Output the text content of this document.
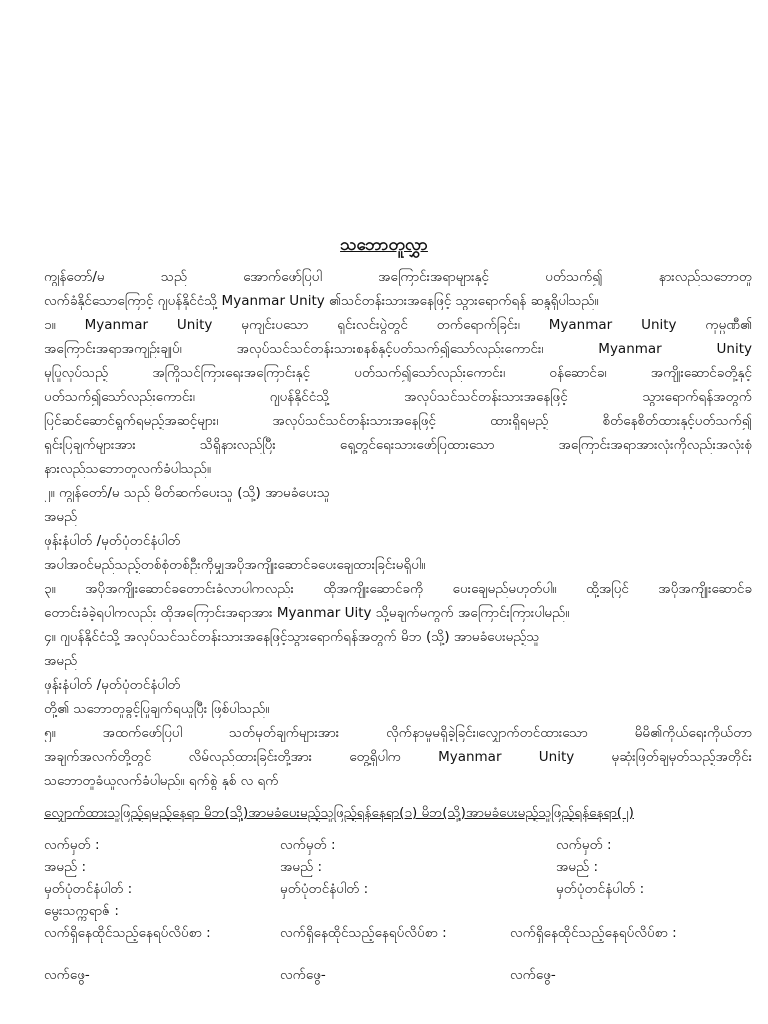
သဘောတူလွှာ
ကျွန်တော်/မ သည် အောက်ဖော်ပြပါ အကြောင်းအရာများနှင့် ပတ်သက်၍ နားလည်သဘောတူ
လက်ခံနိုင်သောကြောင့် ဂျပန်နိုင်ငံသို့ Myanmar Unity ၏သင်တန်းသားအနေဖြင့် သွားရောက်ရန် ဆန္ဒရှိပါသည်။
၁။ Myanmar Unity မှကျင်းပသော ရှင်းလင်းပွဲတွင် တက်ရောက်ခြင်း၊ Myanmar Unity ကုမ္ပဏီ၏
အကြောင်းအရာအကျဉ်းချုပ်၊ အလုပ်သင်သင်တန်းသားစနစ်နှင့်ပတ်သက်၍သော်လည်းကောင်း၊ Myanmar Unity
မှပြုလုပ်သည့် အကြိုသင်ကြားရေးအကြောင်းနှင့် ပတ်သက်၍သော်လည်းကောင်း၊ ဝန်ဆောင်ခ၊ အကျိုးဆောင်ခတို့နှင့်
ပတ်သက်၍သော်လည်းကောင်း၊ ဂျပန်နိုင်ငံသို့ အလုပ်သင်သင်တန်းသားအနေဖြင့် သွားရောက်ရန်အတွက်
ပြင်ဆင်ဆောင်ရွက်ရမည့်အဆင့်များ၊ အလုပ်သင်သင်တန်းသားအနေဖြင့် ထားရှိရမည့် စိတ်နေစိတ်ထားနှင့်ပတ်သက်၍
ရှင်းပြချက်များအား သိရှိနားလည်ပြီး ရှေ့တွင်ရေးသားဖော်ပြထားသော အကြောင်းအရာအားလုံးကိုလည်းအလုံးစုံ
နားလည်သဘောတူလက်ခံပါသည်။
၂။ ကျွန်တော်/မ သည် မိတ်ဆက်ပေးသူ (သို့) အာမခံပေးသူ
အမည်
ဖုန်းနံပါတ် /မှတ်ပုံတင်နံပါတ်
အပါအဝင်မည်သည့်တစ်စုံတစ်ဦးကိုမျှအပိုအကျိုးဆောင်ခပေးချေထားခြင်းမရှိပါ။
၃။ အပိုအကျိုးဆောင်ခတောင်းခံလာပါကလည်း ထိုအကျိုးဆောင်ခကို ပေးချေမည်မဟုတ်ပါ။ ထို့အပြင် အပိုအကျိုးဆောင်ခ
တောင်းခံခဲ့ရပါကလည်း ထိုအကြောင်းအရာအား Myanmar Uity သို့မချက်မကွက် အကြောင်းကြားပါမည်။
၄။ ဂျပန်နိုင်ငံသို့ အလုပ်သင်သင်တန်းသားအနေဖြင့်သွားရောက်ရန်အတွက် မိဘ (သို့) အာမခံပေးမည့်သူ
အမည်
ဖုန်းနံပါတ် /မှတ်ပုံတင်နံပါတ်
တို့၏ သဘောတူခွင့်ပြုချက်ရယူပြီး ဖြစ်ပါသည်။
၅။ အထက်ဖော်ပြပါ သတ်မှတ်ချက်များအား လိုက်နာမှုမရှိခဲ့ခြင်း၊လျှောက်တင်ထားသော မိမိ၏ကိုယ်ရေးကိုယ်တာ
အချက်အလက်တို့တွင် လိမ်လည်ထားခြင်းတို့အား တွေ့ရှိပါက Myanmar Unity မှဆုံးဖြတ်ချမှတ်သည့်အတိုင်း
သဘောတူခံယူလက်ခံပါမည်။ ရက်စွဲ နှစ် လ ရက်
လျှောက်ထားသူဖြည့်ရမည့်နေရာ မိဘ(သို့)အာမခံပေးမည့်သူဖြည့်ရန်နေရာ(၁) မိဘ(သို့)အာမခံပေးမည့်သူဖြည့်ရန်နေရာ(၂)
လက်မှတ် :	လက်မှတ် :	လက်မှတ် :
အမည် :	အမည် :	အမည် :
မှတ်ပုံတင်နံပါတ် :	မှတ်ပုံတင်နံပါတ် :	မှတ်ပုံတင်နံပါတ် :
မွေးသက္ကရာဇ် :
လက်ရှိနေထိုင်သည့်နေရပ်လိပ်စာ :	လက်ရှိနေထိုင်သည့်နေရပ်လိပ်စာ :	လက်ရှိနေထိုင်သည့်နေရပ်လိပ်စာ :
လက်ဖွေ-	လက်ဖွေ-	လက်ဖွေ-
